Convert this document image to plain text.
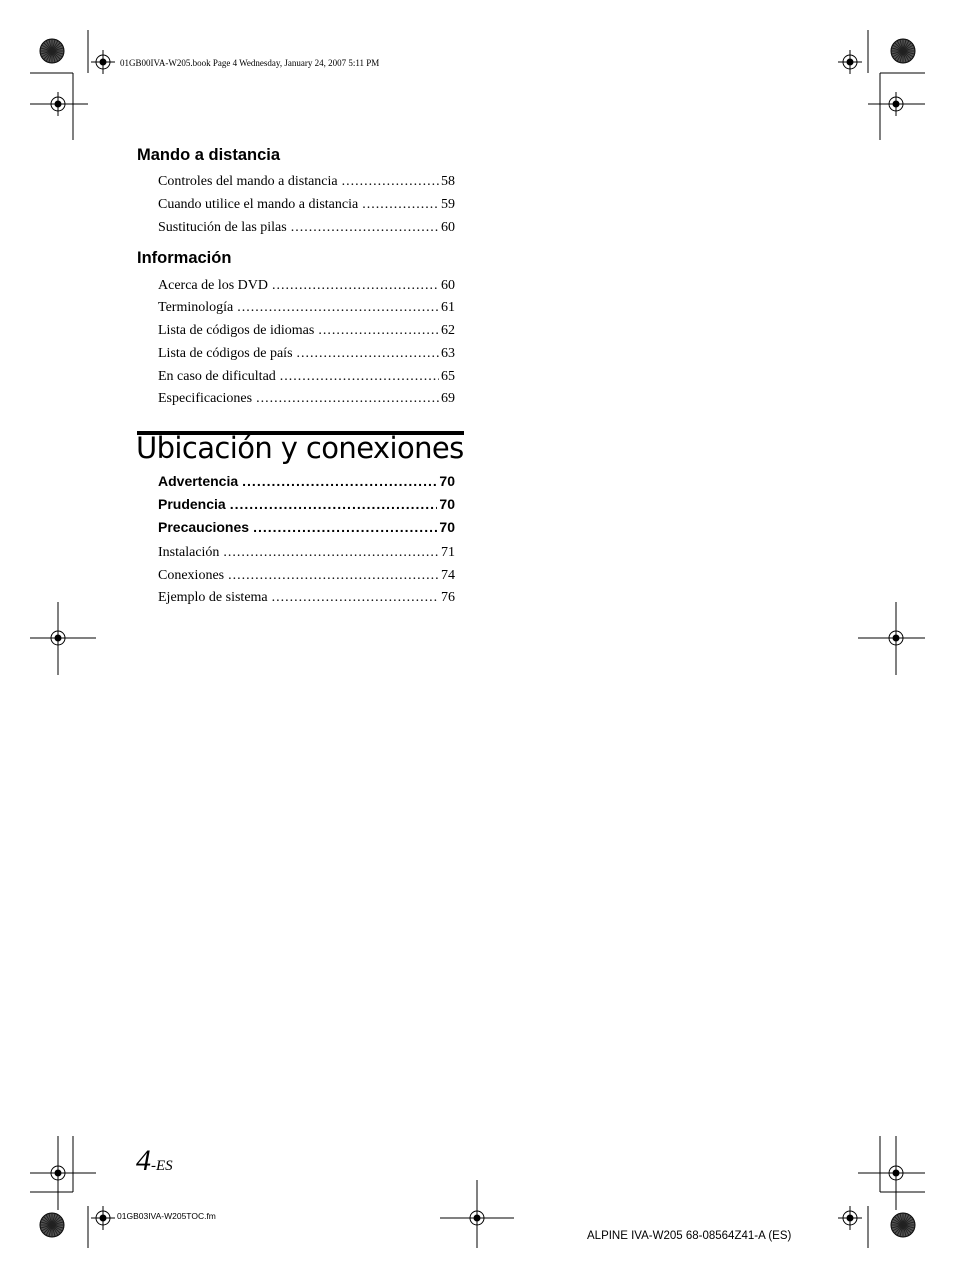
01GB00IVA-W205.book Page 4 Wednesday, January 24, 2007 5:11 PM
Mando a distancia
Controles del mando a distancia .....	58
Cuando utilice el mando a distancia .....	59
Sustitución de las pilas .....	60
Información
Acerca de los DVD .....	60
Terminología .....	61
Lista de códigos de idiomas .....	62
Lista de códigos de país .....	63
En caso de dificultad .....	65
Especificaciones .....	69
Ubicación y conexiones
Advertencia .....	70
Prudencia .....	70
Precauciones .....	70
Instalación .....	71
Conexiones .....	74
Ejemplo de sistema .....	76
4-ES
01GB03IVA-W205TOC.fm
ALPINE IVA-W205 68-08564Z41-A (ES)
